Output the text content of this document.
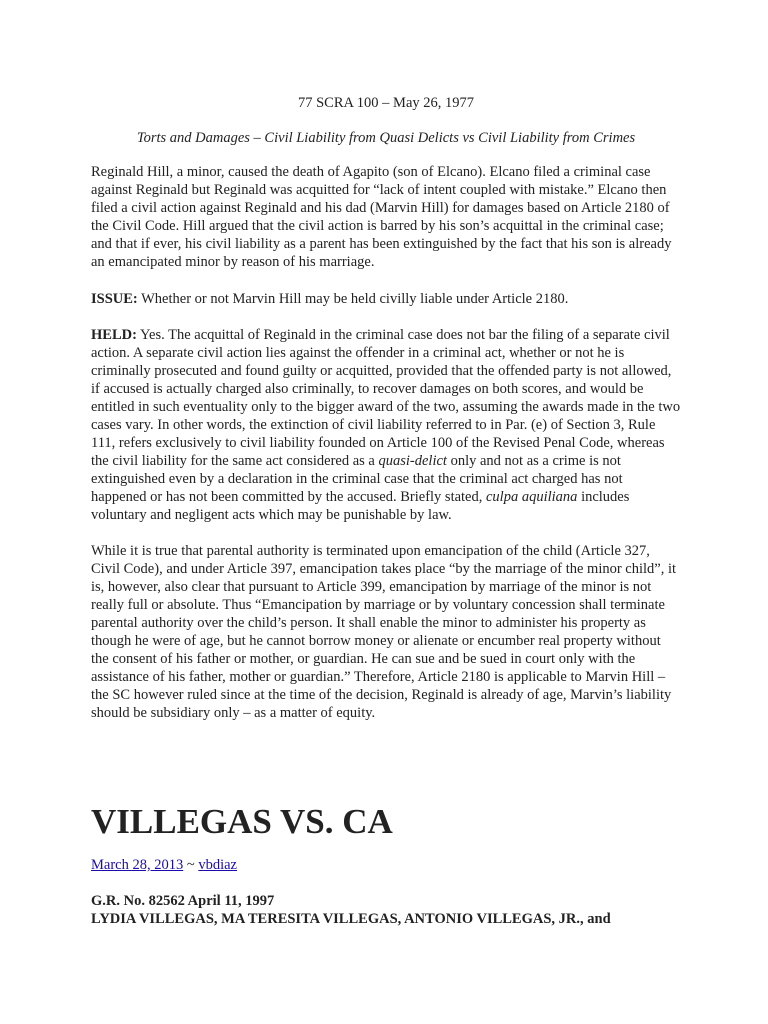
77 SCRA 100 – May 26, 1977
Torts and Damages – Civil Liability from Quasi Delicts vs Civil Liability from Crimes

Reginald Hill, a minor, caused the death of Agapito (son of Elcano). Elcano filed a criminal case against Reginald but Reginald was acquitted for “lack of intent coupled with mistake.” Elcano then filed a civil action against Reginald and his dad (Marvin Hill) for damages based on Article 2180 of the Civil Code. Hill argued that the civil action is barred by his son’s acquittal in the criminal case; and that if ever, his civil liability as a parent has been extinguished by the fact that his son is already an emancipated minor by reason of his marriage.

ISSUE: Whether or not Marvin Hill may be held civilly liable under Article 2180.

HELD: Yes. The acquittal of Reginald in the criminal case does not bar the filing of a separate civil action. A separate civil action lies against the offender in a criminal act, whether or not he is criminally prosecuted and found guilty or acquitted, provided that the offended party is not allowed, if accused is actually charged also criminally, to recover damages on both scores, and would be entitled in such eventuality only to the bigger award of the two, assuming the awards made in the two cases vary. In other words, the extinction of civil liability referred to in Par. (e) of Section 3, Rule 111, refers exclusively to civil liability founded on Article 100 of the Revised Penal Code, whereas the civil liability for the same act considered as a quasi-delict only and not as a crime is not extinguished even by a declaration in the criminal case that the criminal act charged has not happened or has not been committed by the accused. Briefly stated, culpa aquiliana includes voluntary and negligent acts which may be punishable by law.

While it is true that parental authority is terminated upon emancipation of the child (Article 327, Civil Code), and under Article 397, emancipation takes place “by the marriage of the minor child”, it is, however, also clear that pursuant to Article 399, emancipation by marriage of the minor is not really full or absolute. Thus “Emancipation by marriage or by voluntary concession shall terminate parental authority over the child’s person. It shall enable the minor to administer his property as though he were of age, but he cannot borrow money or alienate or encumber real property without the consent of his father or mother, or guardian. He can sue and be sued in court only with the assistance of his father, mother or guardian.” Therefore, Article 2180 is applicable to Marvin Hill – the SC however ruled since at the time of the decision, Reginald is already of age, Marvin’s liability should be subsidiary only – as a matter of equity.

VILLEGAS VS. CA
March 28, 2013 ~ vbdiaz
G.R. No. 82562 April 11, 1997
LYDIA VILLEGAS, MA TERESITA VILLEGAS, ANTONIO VILLEGAS, JR., and
